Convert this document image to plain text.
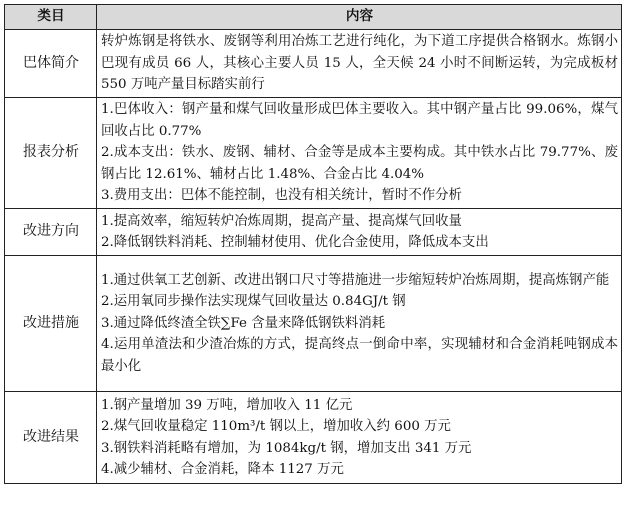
类目	内容
巴体简介	转炉炼钢是将铁水、废钢等利用冶炼工艺进行纯化，为下道工序提供合格钢水。炼钢小巴现有成员 66 人，其核心主要人员 15 人，全天候 24 小时不间断运转，为完成板材 550 万吨产量目标踏实前行

报表分析	1.巴体收入：钢产量和煤气回收量形成巴体主要收入。其中钢产量占比 99.06%，煤气回收占比 0.77%
2.成本支出：铁水、废钢、辅材、合金等是成本主要构成。其中铁水占比 79.77%、废钢占比 12.61%、辅材占比 1.48%、合金占比 4.04%
3.费用支出：巴体不能控制，也没有相关统计，暂时不作分析

改进方向	1.提高效率，缩短转炉冶炼周期，提高产量、提高煤气回收量
2.降低钢铁料消耗、控制辅材使用、优化合金使用，降低成本支出

改进措施	1.通过供氧工艺创新、改进出钢口尺寸等措施进一步缩短转炉冶炼周期，提高炼钢产能
2.运用氧同步操作法实现煤气回收量达 0.84GJ/t 钢
3.通过降低终渣全铁∑Fe 含量来降低钢铁料消耗
4.运用单渣法和少渣冶炼的方式，提高终点一倒命中率，实现辅材和合金消耗吨钢成本最小化

改进结果	1.钢产量增加 39 万吨，增加收入 11 亿元
2.煤气回收量稳定 110m³/t 钢以上，增加收入约 600 万元
3.钢铁料消耗略有增加，为 1084kg/t 钢，增加支出 341 万元
4.减少辅材、合金消耗，降本 1127 万元
